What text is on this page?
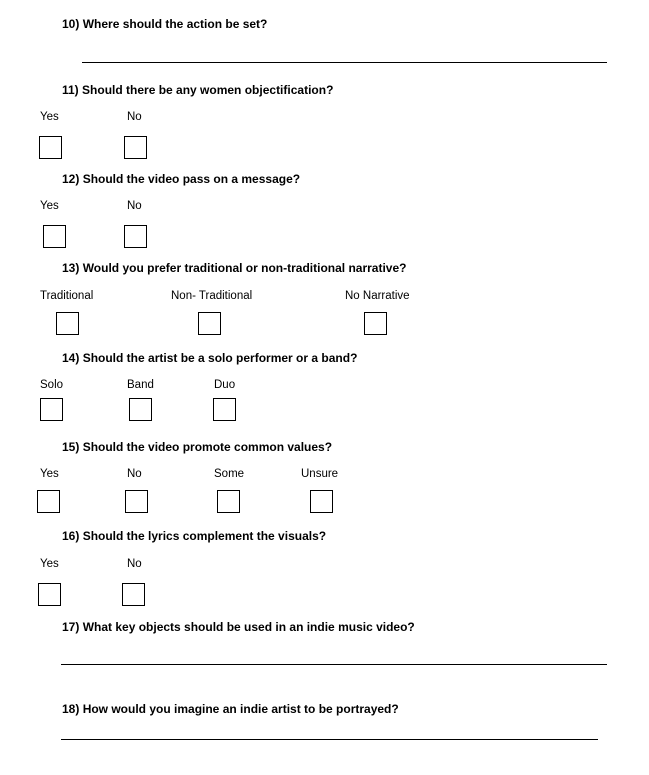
10) Where should the action be set?
11) Should there be any women objectification?
Yes	No
12) Should the video pass on a message?
Yes	No
13) Would you prefer traditional or non-traditional narrative?
Traditional	Non- Traditional	No Narrative
14) Should the artist be a solo performer or a band?
Solo	Band	Duo
15) Should the video promote common values?
Yes	No	Some	Unsure
16) Should the lyrics complement the visuals?
Yes	No
17) What key objects should be used in an indie music video?
18) How would you imagine an indie artist to be portrayed?
